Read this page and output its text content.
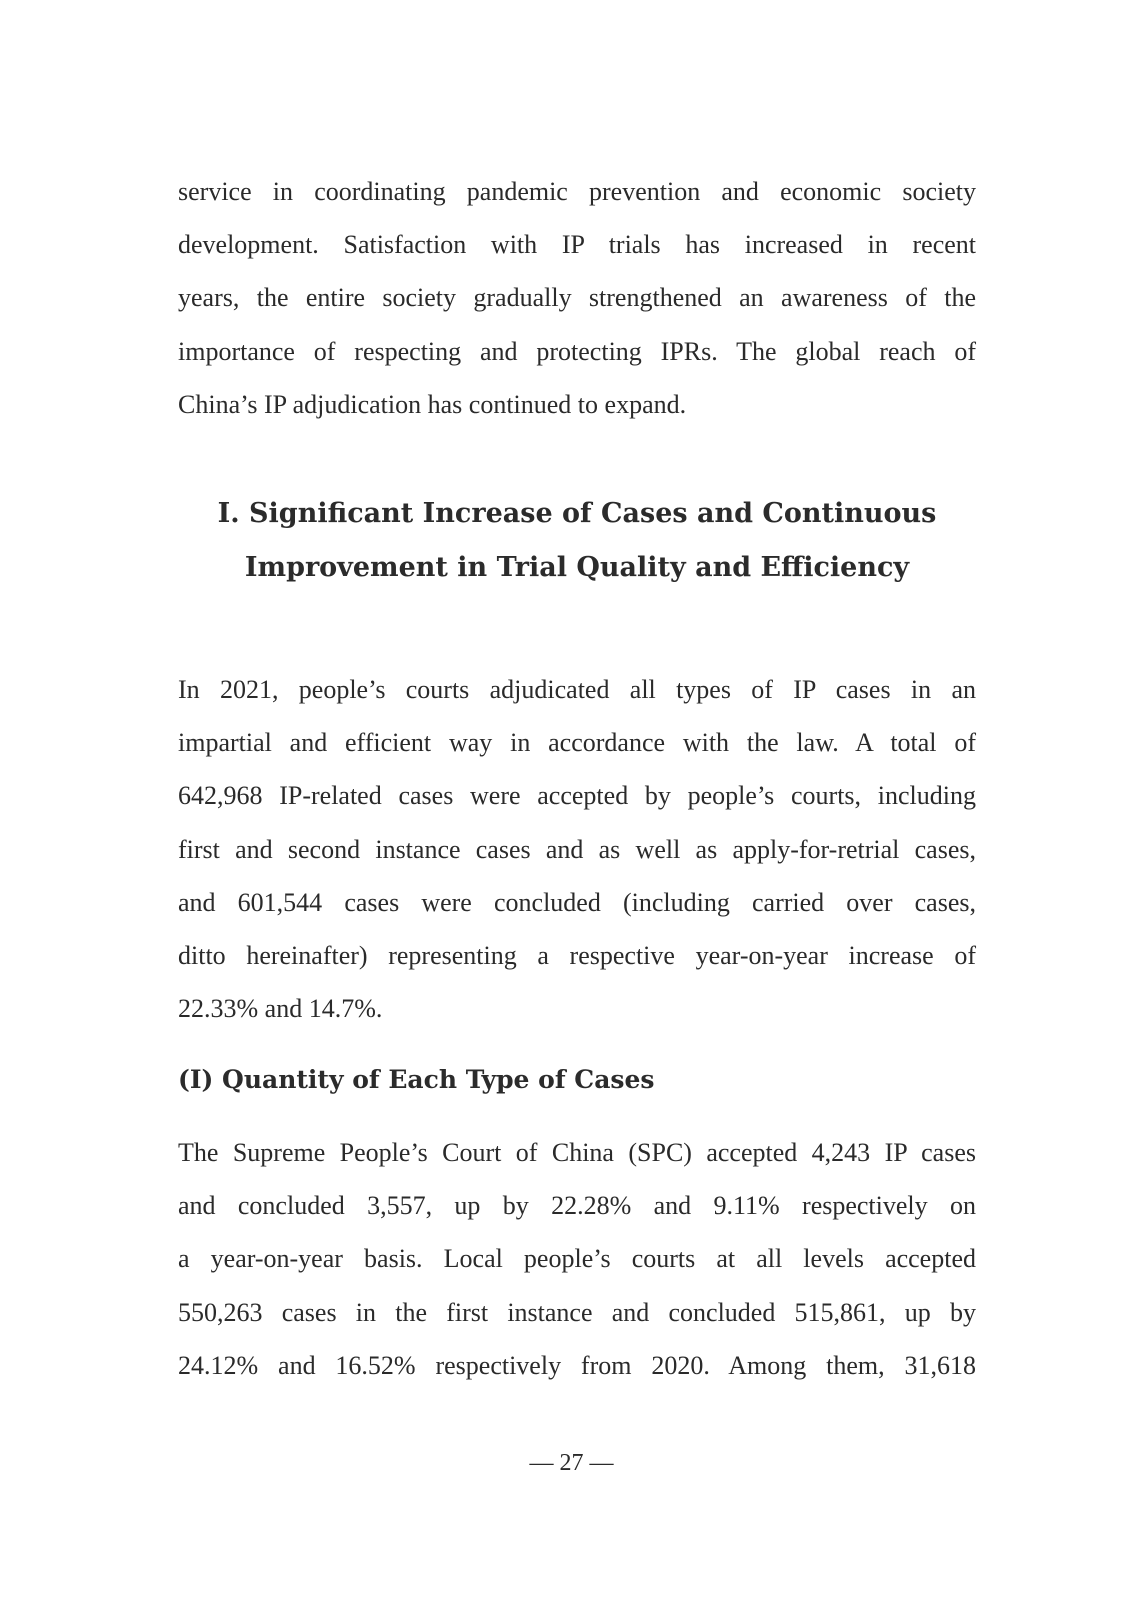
service in coordinating pandemic prevention and economic society
development. Satisfaction with IP trials has increased in recent
years, the entire society gradually strengthened an awareness of the
importance of respecting and protecting IPRs. The global reach of
China’s IP adjudication has continued to expand.
I. Significant Increase of Cases and Continuous
Improvement in Trial Quality and Efficiency
In 2021, people’s courts adjudicated all types of IP cases in an
impartial and efficient way in accordance with the law. A total of
642,968 IP-related cases were accepted by people’s courts, including
first and second instance cases and as well as apply-for-retrial cases,
and 601,544 cases were concluded (including carried over cases,
ditto hereinafter) representing a respective year-on-year increase of
22.33% and 14.7%.
(I) Quantity of Each Type of Cases
The Supreme People’s Court of China (SPC) accepted 4,243 IP cases
and concluded 3,557, up by 22.28% and 9.11% respectively on
a year-on-year basis. Local people’s courts at all levels accepted
550,263 cases in the first instance and concluded 515,861, up by
24.12% and 16.52% respectively from 2020. Among them, 31,618
— 27 —
